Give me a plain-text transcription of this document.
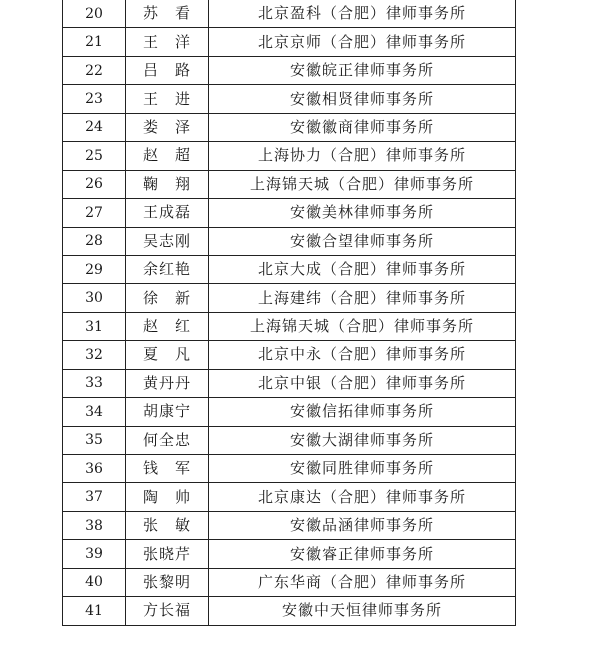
20	苏　看	北京盈科（合肥）律师事务所
21	王　洋	北京京师（合肥）律师事务所
22	吕　路	安徽皖正律师事务所
23	王　进	安徽相贤律师事务所
24	娄　泽	安徽徽商律师事务所
25	赵　超	上海协力（合肥）律师事务所
26	鞠　翔	上海锦天城（合肥）律师事务所
27	王成磊	安徽美林律师事务所
28	吴志刚	安徽合望律师事务所
29	余红艳	北京大成（合肥）律师事务所
30	徐　新	上海建纬（合肥）律师事务所
31	赵　红	上海锦天城（合肥）律师事务所
32	夏　凡	北京中永（合肥）律师事务所
33	黄丹丹	北京中银（合肥）律师事务所
34	胡康宁	安徽信拓律师事务所
35	何全忠	安徽大湖律师事务所
36	钱　军	安徽同胜律师事务所
37	陶　帅	北京康达（合肥）律师事务所
38	张　敏	安徽品涵律师事务所
39	张晓芹	安徽睿正律师事务所
40	张黎明	广东华商（合肥）律师事务所
41	方长福	安徽中天恒律师事务所
